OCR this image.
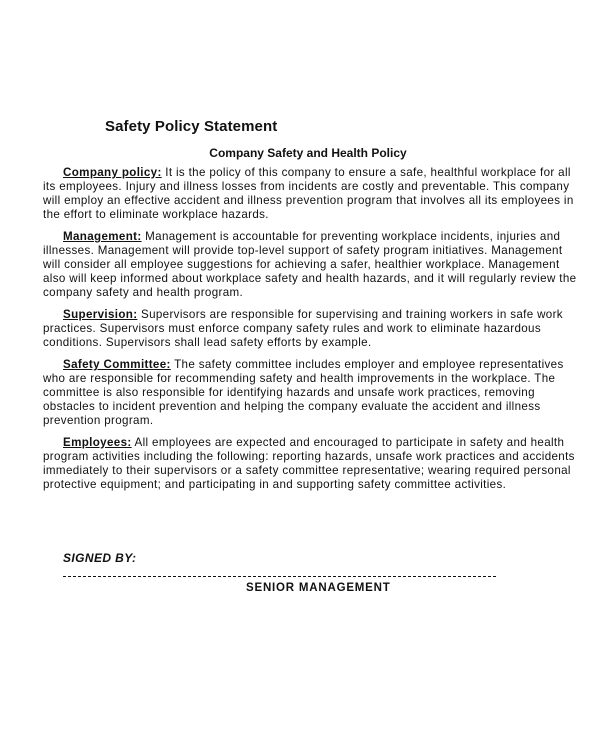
Safety Policy Statement
Company Safety and Health Policy

Company policy: It is the policy of this company to ensure a safe, healthful workplace for all its employees. Injury and illness losses from incidents are costly and preventable. This company will employ an effective accident and illness prevention program that involves all its employees in the effort to eliminate workplace hazards.

Management: Management is accountable for preventing workplace incidents, injuries and illnesses. Management will provide top-level support of safety program initiatives. Management will consider all employee suggestions for achieving a safer, healthier workplace. Management also will keep informed about workplace safety and health hazards, and it will regularly review the company safety and health program.

Supervision: Supervisors are responsible for supervising and training workers in safe work practices. Supervisors must enforce company safety rules and work to eliminate hazardous conditions. Supervisors shall lead safety efforts by example.

Safety Committee: The safety committee includes employer and employee representatives who are responsible for recommending safety and health improvements in the workplace. The committee is also responsible for identifying hazards and unsafe work practices, removing obstacles to incident prevention and helping the company evaluate the accident and illness prevention program.

Employees: All employees are expected and encouraged to participate in safety and health program activities including the following: reporting hazards, unsafe work practices and accidents immediately to their supervisors or a safety committee representative; wearing required personal protective equipment; and participating in and supporting safety committee activities.

SIGNED BY:
SENIOR MANAGEMENT
